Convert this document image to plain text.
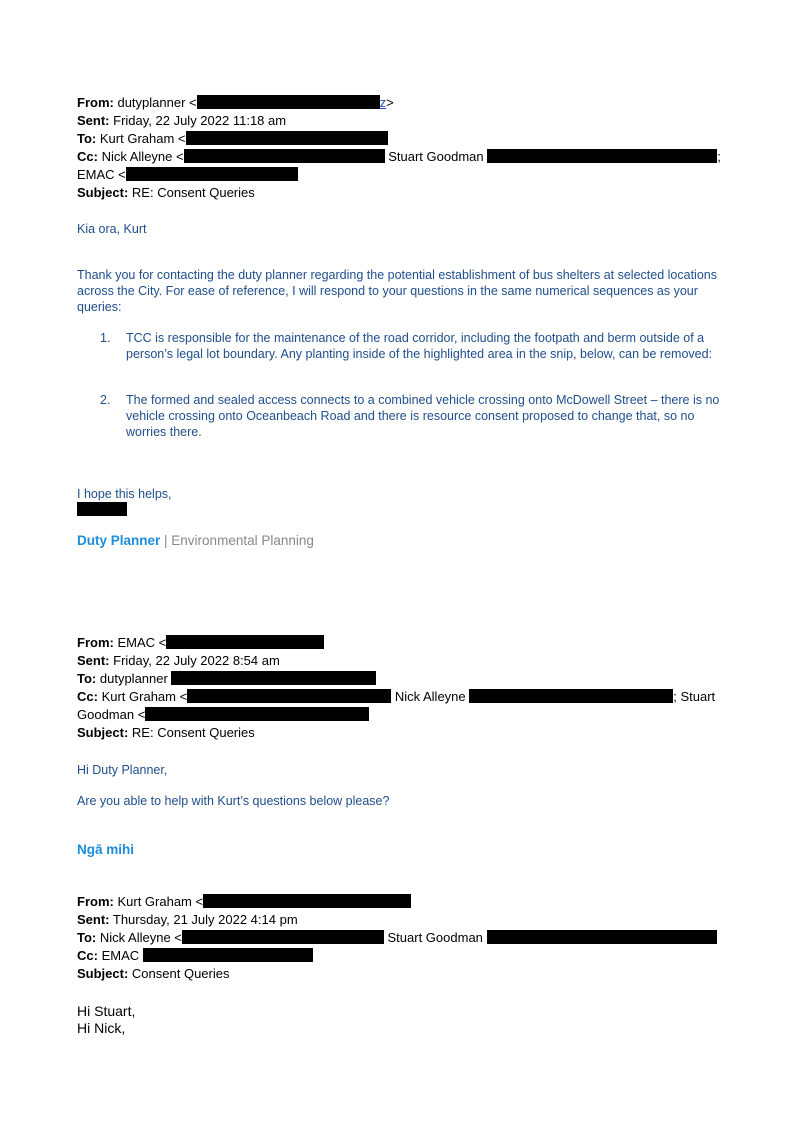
From: dutyplanner <	z>
Sent: Friday, 22 July 2022 11:18 am
To: Kurt Graham <
Cc: Nick Alleyne <	Stuart Goodman	;
EMAC <
Subject: RE: Consent Queries
Kia ora, Kurt
Thank you for contacting the duty planner regarding the potential establishment of bus shelters at selected locations across the City. For ease of reference, I will respond to your questions in the same numerical sequences as your queries:
1. TCC is responsible for the maintenance of the road corridor, including the footpath and berm outside of a person’s legal lot boundary. Any planting inside of the highlighted area in the snip, below, can be removed:
2. The formed and sealed access connects to a combined vehicle crossing onto McDowell Street – there is no vehicle crossing onto Oceanbeach Road and there is resource consent proposed to change that, so no worries there.
I hope this helps,
Duty Planner | Environmental Planning
From: EMAC <
Sent: Friday, 22 July 2022 8:54 am
To: dutyplanner
Cc: Kurt Graham <	Nick Alleyne	; Stuart
Goodman <
Subject: RE: Consent Queries
Hi Duty Planner,
Are you able to help with Kurt’s questions below please?
Ngā mihi
From: Kurt Graham <
Sent: Thursday, 21 July 2022 4:14 pm
To: Nick Alleyne <	Stuart Goodman
Cc: EMAC
Subject: Consent Queries
Hi Stuart,
Hi Nick,
